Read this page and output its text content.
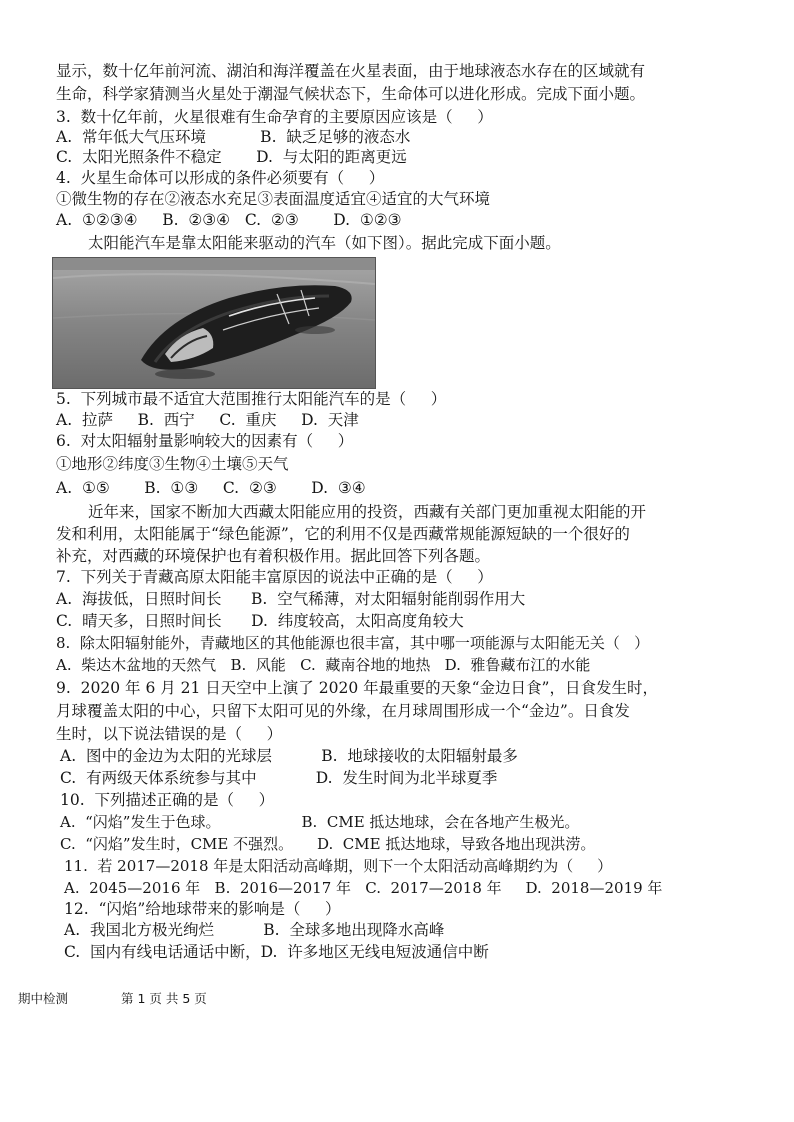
显示，数十亿年前河流、湖泊和海洋覆盖在火星表面，由于地球液态水存在的区域就有
生命，科学家猜测当火星处于潮湿气候状态下，生命体可以进化形成。完成下面小题。
3.  数十亿年前，火星很难有生命孕育的主要原因应该是（     ）
A.  常年低大气压环境           B.  缺乏足够的液态水
C.  太阳光照条件不稳定       D.  与太阳的距离更远
4.  火星生命体可以形成的条件必须要有（     ）
①微生物的存在②液态水充足③表面温度适宜④适宜的大气环境
A.  ①②③④     B.  ②③④   C.  ②③       D.  ①②③
太阳能汽车是靠太阳能来驱动的汽车（如下图）。据此完成下面小题。
5.  下列城市最不适宜大范围推行太阳能汽车的是（     ）
A.  拉萨     B.  西宁     C.  重庆     D.  天津
6.  对太阳辐射量影响较大的因素有（     ）
①地形②纬度③生物④土壤⑤天气
A.  ①⑤       B.  ①③     C.  ②③       D.  ③④
近年来，国家不断加大西藏太阳能应用的投资，西藏有关部门更加重视太阳能的开
发和利用，太阳能属于“绿色能源”，它的利用不仅是西藏常规能源短缺的一个很好的
补充，对西藏的环境保护也有着积极作用。据此回答下列各题。
7.  下列关于青藏高原太阳能丰富原因的说法中正确的是（     ）
A.  海拔低，日照时间长      B.  空气稀薄，对太阳辐射能削弱作用大
C.  晴天多，日照时间长      D.  纬度较高，太阳高度角较大
8.  除太阳辐射能外，青藏地区的其他能源也很丰富，其中哪一项能源与太阳能无关（   ）
A.  柴达木盆地的天然气   B.  风能   C.  藏南谷地的地热   D.  雅鲁藏布江的水能
9.  2020 年 6 月 21 日天空中上演了 2020 年最重要的天象“金边日食”，日食发生时，
月球覆盖太阳的中心，只留下太阳可见的外缘，在月球周围形成一个“金边”。日食发
生时，以下说法错误的是（     ）
A.  图中的金边为太阳的光球层          B.  地球接收的太阳辐射最多
C.  有两级天体系统参与其中            D.  发生时间为北半球夏季
10.  下列描述正确的是（     ）
A.  “闪焰”发生于色球。                 B.  CME 抵达地球，会在各地产生极光。
C.  “闪焰”发生时，CME 不强烈。     D.  CME 抵达地球，导致各地出现洪涝。
11.  若 2017—2018 年是太阳活动高峰期，则下一个太阳活动高峰期约为（     ）
A.  2045—2016 年   B.  2016—2017 年   C.  2017—2018 年     D.  2018—2019 年
12.  “闪焰”给地球带来的影响是（     ）
A.  我国北方极光绚烂          B.  全球多地出现降水高峰
C.  国内有线电话通话中断，D.  许多地区无线电短波通信中断
期中检测	第 1 页 共 5 页
